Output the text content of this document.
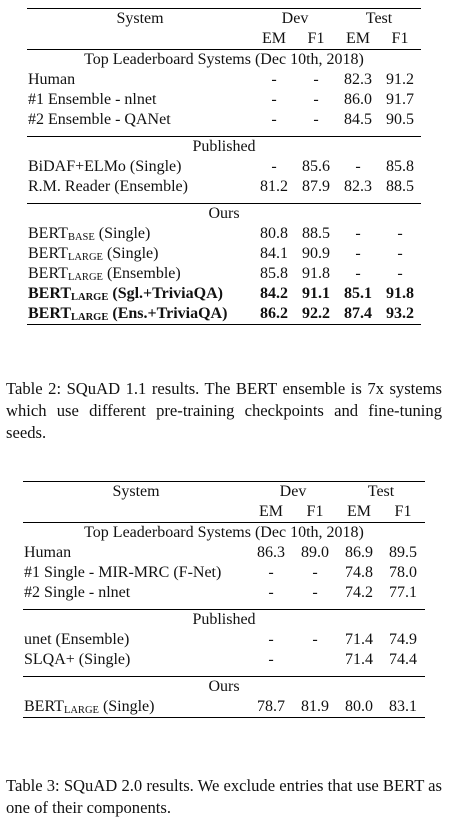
System	Dev		Test	
	EM	F1	EM	F1
Top Leaderboard Systems (Dec 10th, 2018)				
Human	-	-	82.3	91.2
#1 Ensemble - nlnet	-	-	86.0	91.7
#2 Ensemble - QANet	-	-	84.5	90.5

Published				
BiDAF+ELMo (Single)	-	85.6	-	85.8
R.M. Reader (Ensemble)	81.2	87.9	82.3	88.5

Ours				
$BERT_{BASE}$ (Single)	80.8	88.5	-	-
$BERT_{LARGE}$ (Single)	84.1	90.9	-	-
$BERT_{LARGE}$ (Ensemble)	85.8	91.8	-	-
$BERT_{LARGE}$ (Sgl.+TriviaQA)	84.2	91.1	85.1	91.8
$BERT_{LARGE}$ (Ens.+TriviaQA)	86.2	92.2	87.4	93.2
Table 2: SQuAD 1.1 results. The BERT ensemble is 7x systems which use different pre-training checkpoints and fine-tuning seeds.
System	Dev		Test	
	EM	F1	EM	F1
Top Leaderboard Systems (Dec 10th, 2018)				
Human	86.3	89.0	86.9	89.5
#1 Single - MIR-MRC (F-Net)	-	-	74.8	78.0
#2 Single - nlnet	-	-	74.2	77.1

Published				
unet (Ensemble)	-	-	71.4	74.9
SLQA+ (Single)	-		71.4	74.4

Ours				
$BERT_{LARGE}$ (Single)	78.7	81.9	80.0	83.1
Table 3: SQuAD 2.0 results. We exclude entries that use BERT as one of their components.
